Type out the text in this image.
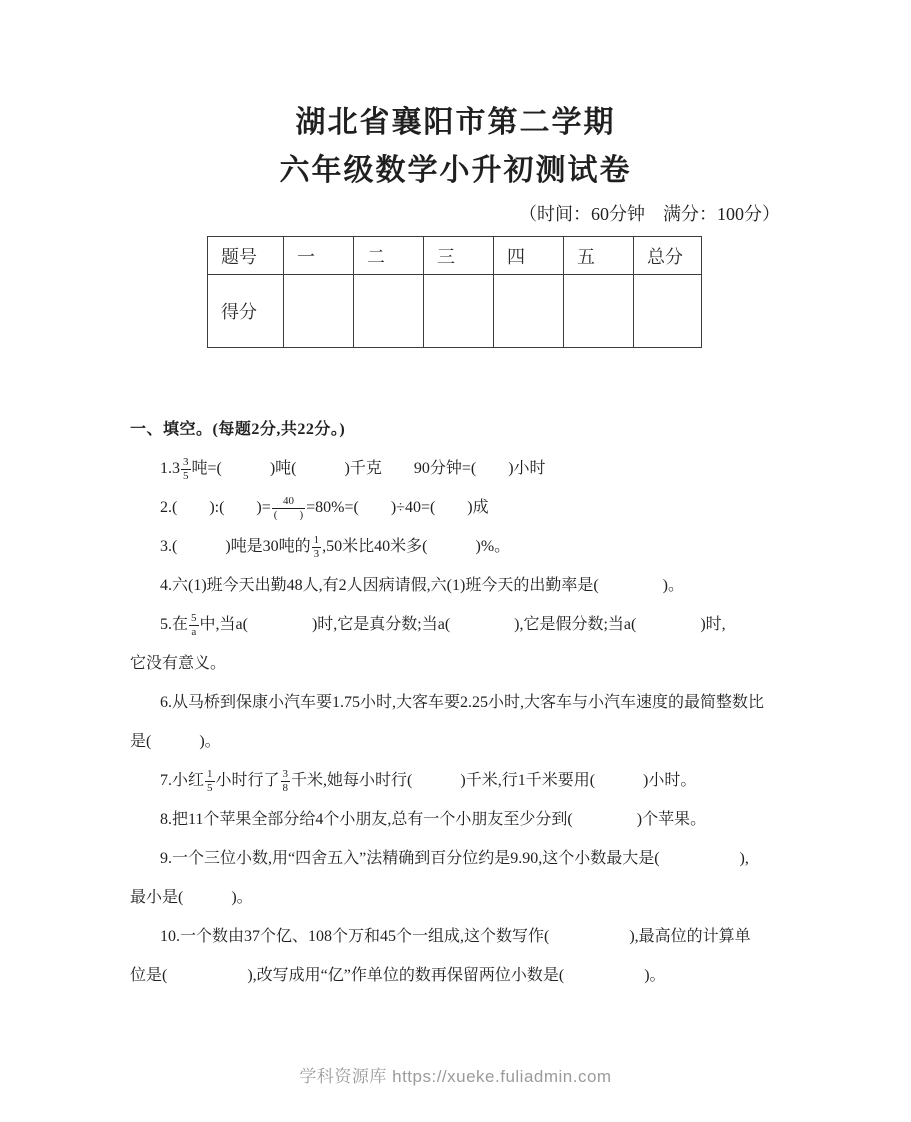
湖北省襄阳市第二学期

六年级数学小升初测试卷

（时间：60分钟　满分：100分）
题号	一	二	三	四	五	总分
得分						

一、填空。(每题2分,共22分。)

$1.3 \frac{3}{5}$ 吨=(　　　)吨(　　　)千克　　90分钟=(　　)小时

2.(　　):(　　)= $\frac{40}{( )} =80\%=$(　　)÷40=(　　)成

3.(　　　)吨是30吨的 $\frac{1}{3} ,50$米比40米多(　　　)%。

4.六(1)班今天出勤48人,有2人因病请假,六(1)班今天的出勤率是(　　　　)。

5.在 $\frac{5}{a}$ 中,当a(　　　　)时,它是真分数;当a(　　　　),它是假分数;当a(　　　　)时,

它没有意义。

6.从马桥到保康小汽车要1.75小时,大客车要2.25小时,大客车与小汽车速度的最简整数比

是(　　　)。

7.小红 $\frac{1}{5}$ 小时行了 $\frac{3}{8}$ 千米,她每小时行(　　　)千米,行1千米要用(　　　)小时。

8.把11个苹果全部分给4个小朋友,总有一个小朋友至少分到(　　　　)个苹果。

9.一个三位小数,用“四舍五入”法精确到百分位约是9.90,这个小数最大是(　　　　　),

最小是(　　　)。

10.一个数由37个亿、108个万和45个一组成,这个数写作(　　　　　),最高位的计算单

位是(　　　　　),改写成用“亿”作单位的数再保留两位小数是(　　　　　)。

学科资源库 https://xueke.fuliadmin.com
